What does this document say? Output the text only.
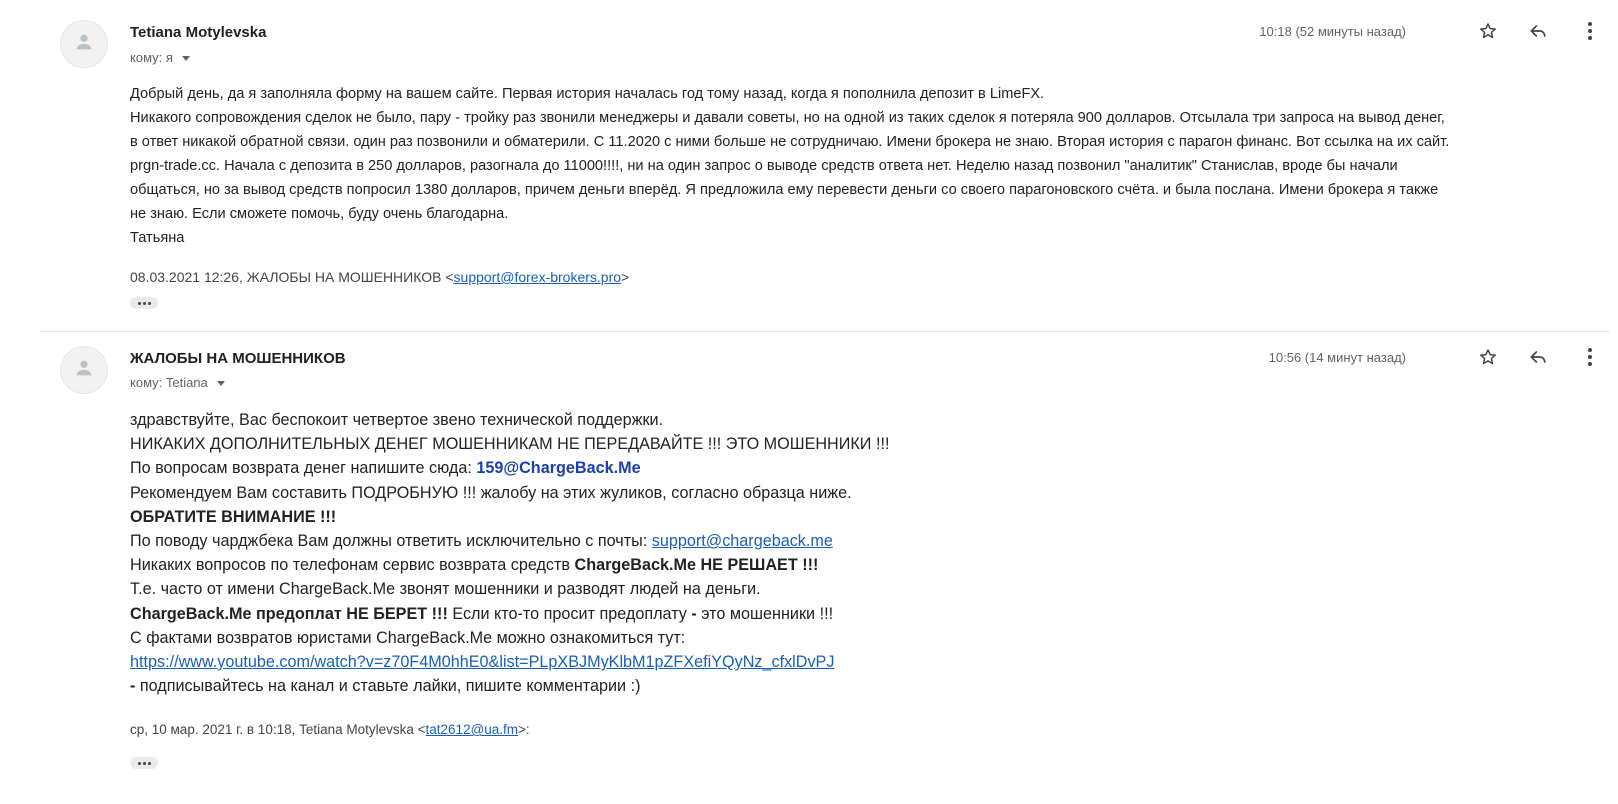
Tetiana Motylevska
кому: я
10:18 (52 минуты назад)

Добрый день, да я заполняла форму на вашем сайте. Первая история началась год тому назад, когда я пополнила депозит в LimeFX.

Никакого сопровождения сделок не было, пару - тройку раз звонили менеджеры и давали советы, но на одной из таких сделок я потеряла 900 долларов. Отсылала три запроса на вывод денег,

в ответ никакой обратной связи. один раз позвонили и обматерили. С 11.2020 с ними больше не сотрудничаю. Имени брокера не знаю. Вторая история с парагон финанс. Вот ссылка на их сайт.

prgn-trade.cc. Начала с депозита в 250 долларов, разогнала до 11000!!!!, ни на один запрос о выводе средств ответа нет. Неделю назад позвонил "аналитик" Станислав, вроде бы начали

общаться, но за вывод средств попросил 1380 долларов, причем деньги вперёд. Я предложила ему перевести деньги со своего парагоновского счёта. и была послана. Имени брокера я также

не знаю. Если сможете помочь, буду очень благодарна.

Татьяна

08.03.2021 12:26, ЖАЛОБЫ НА МОШЕННИКОВ <support@forex-brokers.pro>
ЖАЛОБЫ НА МОШЕННИКОВ
кому: Tetiana
10:56 (14 минут назад)
здравствуйте, Вас беспокоит четвертое звено технической поддержки.
НИКАКИХ ДОПОЛНИТЕЛЬНЫХ ДЕНЕГ МОШЕННИКАМ НЕ ПЕРЕДАВАЙТЕ !!! ЭТО МОШЕННИКИ !!!
По вопросам возврата денег напишите сюда: 159@ChargeBack.Me
Рекомендуем Вам составить ПОДРОБНУЮ !!! жалобу на этих жуликов, согласно образца ниже.
ОБРАТИТЕ ВНИМАНИЕ !!!
По поводу чарджбека Вам должны ответить исключительно с почты: support@chargeback.me
Никаких вопросов по телефонам сервис возврата средств ChargeBack.Me НЕ РЕШАЕТ !!!
Т.е. часто от имени ChargeBack.Me звонят мошенники и разводят людей на деньги.
ChargeBack.Me предоплат НЕ БЕРЕТ !!! Если кто-то просит предоплату - это мошенники !!!
С фактами возвратов юристами ChargeBack.Me можно ознакомиться тут:
https://www.youtube.com/watch?v=z70F4M0hhE0&list=PLpXBJMyKlbM1pZFXefiYQyNz_cfxlDvPJ
- подписывайтесь на канал и ставьте лайки, пишите комментарии :)
ср, 10 мар. 2021 г. в 10:18, Tetiana Motylevska <tat2612@ua.fm>:
